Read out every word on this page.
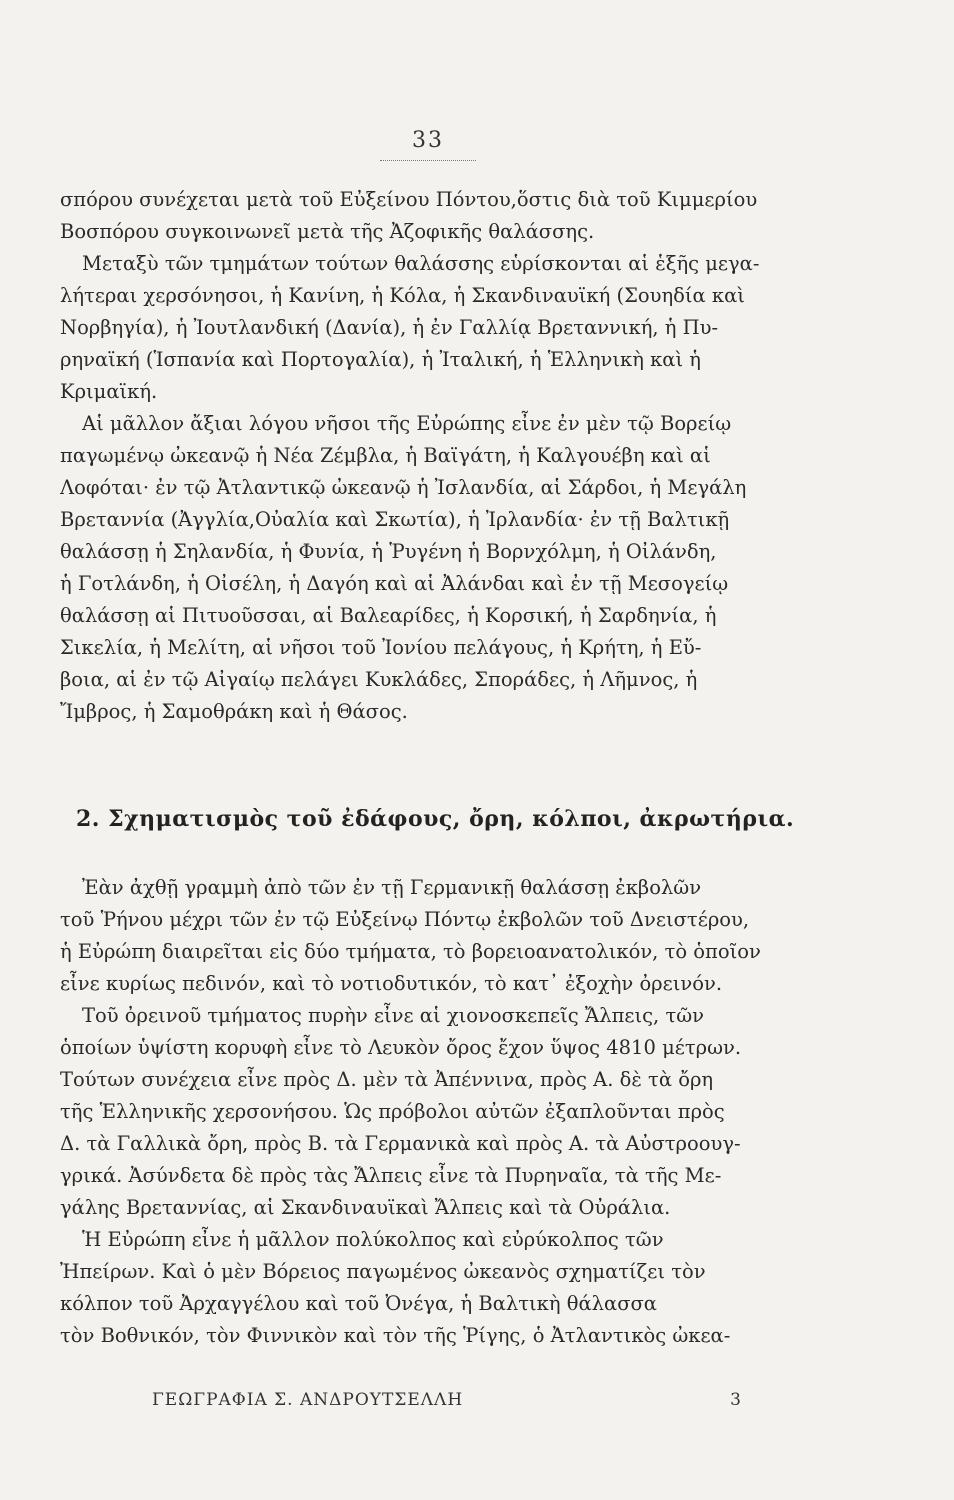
33
σπόρου συνέχεται μετὰ τοῦ Εὐξείνου Πόντου,ὅστις διὰ τοῦ Κιμμερίου
Βοσπόρου συγκοινωνεῖ μετὰ τῆς Ἀζοφικῆς θαλάσσης.
Μεταξὺ τῶν τμημάτων τούτων θαλάσσης εὑρίσκονται αἱ ἑξῆς μεγα-
λήτεραι χερσόνησοι, ἡ Κανίνη, ἡ Κόλα, ἡ Σκανδιναυϊκή (Σουηδία καὶ
Νορβηγία), ἡ Ἰουτλανδική (Δανία), ἡ ἐν Γαλλίᾳ Βρεταννική, ἡ Πυ-
ρηναϊκή (Ἱσπανία καὶ Πορτογαλία), ἡ Ἰταλική, ἡ Ἑλληνικὴ καὶ ἡ
Κριμαϊκή.
Αἱ μᾶλλον ἄξιαι λόγου νῆσοι τῆς Εὐρώπης εἶνε ἐν μὲν τῷ Βορείῳ
παγωμένῳ ὠκεανῷ ἡ Νέα Ζέμβλα, ἡ Βαϊγάτη, ἡ Καλγουέβη καὶ αἱ
Λοφόται· ἐν τῷ Ἀτλαντικῷ ὠκεανῷ ἡ Ἰσλανδία, αἱ Σάρδοι, ἡ Μεγάλη
Βρεταννία (Ἀγγλία,Οὐαλία καὶ Σκωτία), ἡ Ἰρλανδία· ἐν τῇ Βαλτικῇ
θαλάσσῃ ἡ Σηλανδία, ἡ Φυνία, ἡ Ῥυγένη ἡ Βορνχόλμη, ἡ Οἰλάνδη,
ἡ Γοτλάνδη, ἡ Οἰσέλη, ἡ Δαγόη καὶ αἱ Ἀλάνδαι καὶ ἐν τῇ Μεσογείῳ
θαλάσσῃ αἱ Πιτυοῦσσαι, αἱ Βαλεαρίδες, ἡ Κορσική, ἡ Σαρδηνία, ἡ
Σικελία, ἡ Μελίτη, αἱ νῆσοι τοῦ Ἰονίου πελάγους, ἡ Κρήτη, ἡ Εὔ-
βοια, αἱ ἐν τῷ Αἰγαίῳ πελάγει Κυκλάδες, Σποράδες, ἡ Λῆμνος, ἡ
Ἴμβρος, ἡ Σαμοθράκη καὶ ἡ Θάσος.
2. Σχηματισμὸς τοῦ ἐδάφους, ὄρη, κόλποι, ἀκρωτήρια.
Ἐὰν ἀχθῇ γραμμὴ ἀπὸ τῶν ἐν τῇ Γερμανικῇ θαλάσσῃ ἐκβολῶν
τοῦ Ῥήνου μέχρι τῶν ἐν τῷ Εὐξείνῳ Πόντῳ ἐκβολῶν τοῦ Δνειστέρου,
ἡ Εὐρώπη διαιρεῖται εἰς δύο τμήματα, τὸ βορειοανατολικόν, τὸ ὁποῖον
εἶνε κυρίως πεδινόν, καὶ τὸ νοτιοδυτικόν, τὸ κατ᾽ ἐξοχὴν ὀρεινόν.
Τοῦ ὀρεινοῦ τμήματος πυρὴν εἶνε αἱ χιονοσκεπεῖς Ἄλπεις, τῶν
ὁποίων ὑψίστη κορυφὴ εἶνε τὸ Λευκὸν ὄρος ἔχον ὕψος 4810 μέτρων.
Τούτων συνέχεια εἶνε πρὸς Δ. μὲν τὰ Ἀπέννινα, πρὸς Α. δὲ τὰ ὄρη
τῆς Ἑλληνικῆς χερσονήσου. Ὡς πρόβολοι αὐτῶν ἐξαπλοῦνται πρὸς
Δ. τὰ Γαλλικὰ ὄρη, πρὸς Β. τὰ Γερμανικὰ καὶ πρὸς Α. τὰ Αὐστροουγ-
γρικά. Ἀσύνδετα δὲ πρὸς τὰς Ἄλπεις εἶνε τὰ Πυρηναῖα, τὰ τῆς Με-
γάλης Βρεταννίας, αἱ Σκανδιναυϊκαὶ Ἄλπεις καὶ τὰ Οὐράλια.
Ἡ Εὐρώπη εἶνε ἡ μᾶλλον πολύκολπος καὶ εὐρύκολπος τῶν
Ἠπείρων. Καὶ ὁ μὲν Βόρειος παγωμένος ὠκεανὸς σχηματίζει τὸν
κόλπον τοῦ Ἀρχαγγέλου καὶ τοῦ Ὀνέγα, ἡ Βαλτικὴ θάλασσα
τὸν Βοθνικόν, τὸν Φιννικὸν καὶ τὸν τῆς Ῥίγης, ὁ Ἀτλαντικὸς ὠκεα-
ΓΕΩΓΡΑΦΙΑ Σ. ΑΝΔΡΟΥΤΣΕΛΛΗ	3
